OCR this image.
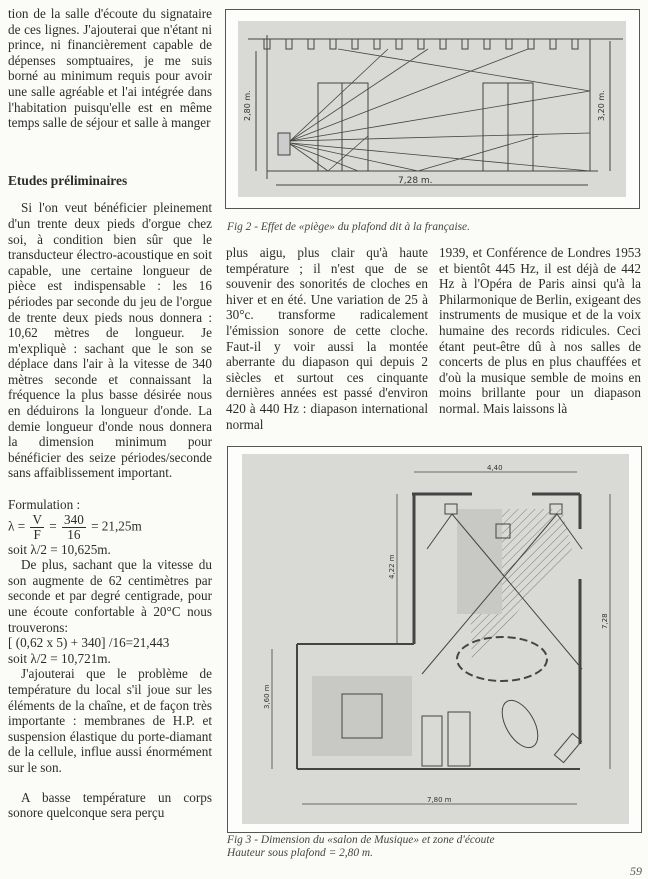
tion de la salle d'écoute du signataire de ces lignes. J'ajouterai que n'étant ni prince, ni financièrement capable de dépenses somptuaires, je me suis borné au minimum requis pour avoir une salle agréable et l'ai intégrée dans l'habitation puisqu'elle est en même temps salle de séjour et salle à manger

Etudes préliminaires

Si l'on veut bénéficier pleinement d'un trente deux pieds d'orgue chez soi, à condition bien sûr que le transducteur électro-acoustique en soit capable, une certaine longueur de pièce est indispensable : les 16 périodes par seconde du jeu de l'orgue de trente deux pieds nous donnera : 10,62 mètres de longueur. Je m'expliquè : sachant que le son se déplace dans l'air à la vitesse de 340 mètres seconde et connaissant la fréquence la plus basse désirée nous en déduirons la longueur d'onde. La demie longueur d'onde nous donnera la dimension minimum pour bénéficier des seize périodes/seconde sans affaiblissement important.

Formulation :

$\lambda = \frac{V}{F} = \frac{340}{16} = 21,25m$

soit λ/2 = 10,625m.

De plus, sachant que la vitesse du son augmente de 62 centimètres par seconde et par degré centigrade, pour une écoute confortable à 20°C nous trouverons:

[ (0,62 x 5) + 340] /16=21,443

soit λ/2 = 10,721m.

J'ajouterai que le problème de température du local s'il joue sur les éléments de la chaîne, et de façon très importante : membranes de H.P. et suspension élastique du porte-diamant de la cellule, influe aussi énormément sur le son.

A basse température un corps sonore quelconque sera perçu

7,28 m.
2,80 m.	3,20 m.
Fig 2 - Effet de «piège» du plafond dit à la française.

plus aigu, plus clair qu'à haute température ; il n'est que de se souvenir des sonorités de cloches en hiver et en été. Une variation de 25 à 30°c. transforme radicalement l'émission sonore de cette cloche. Faut-il y voir aussi la montée aberrante du diapason qui depuis 2 siècles et surtout ces cinquante dernières années est passé d'environ 420 à 440 Hz : diapason international normal

1939, et Conférence de Londres 1953 et bientôt 445 Hz, il est déjà de 442 Hz à l'Opéra de Paris ainsi qu'à la Philarmonique de Berlin, exigeant des instruments de musique et de la voix humaine des records ridicules. Ceci étant peut-être dû à nos salles de concerts de plus en plus chauffées et d'où la musique semble de moins en moins brillante pour un diapason normal. Mais laissons là

4,40
4,22 m
7,28
3,60 m
7,80 m
Fig 3 - Dimension du «salon de Musique» et zone d'écoute
Hauteur sous plafond = 2,80 m.
59
